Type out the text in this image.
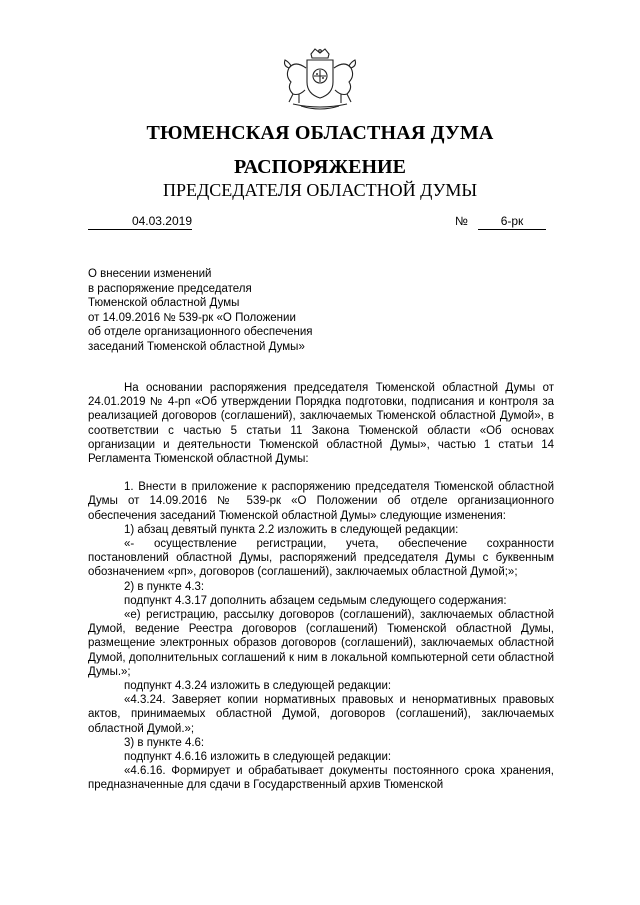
ТЮМЕНСКАЯ ОБЛАСТНАЯ ДУМА
РАСПОРЯЖЕНИЕ
ПРЕДСЕДАТЕЛЯ ОБЛАСТНОЙ ДУМЫ
04.03.2019	№	6-рк
О внесении изменений
в распоряжение председателя
Тюменской областной Думы
от 14.09.2016 № 539-рк «О Положении
об отделе организационного обеспечения
заседаний Тюменской областной Думы»

На основании распоряжения председателя Тюменской областной Думы от 24.01.2019 № 4-рп «Об утверждении Порядка подготовки, подписания и контроля за реализацией договоров (соглашений), заключаемых Тюменской областной Думой», в соответствии с частью 5 статьи 11 Закона Тюменской области «Об основах организации и деятельности Тюменской областной Думы», частью 1 статьи 14 Регламента Тюменской областной Думы:

1. Внести в приложение к распоряжению председателя Тюменской областной Думы от 14.09.2016 № 539-рк «О Положении об отделе организационного обеспечения заседаний Тюменской областной Думы» следующие изменения:

1) абзац девятый пункта 2.2 изложить в следующей редакции:

«- осуществление регистрации, учета, обеспечение сохранности постановлений областной Думы, распоряжений председателя Думы с буквенным обозначением «рп», договоров (соглашений), заключаемых областной Думой;»;

2) в пункте 4.3:

подпункт 4.3.17 дополнить абзацем седьмым следующего содержания:

«е) регистрацию, рассылку договоров (соглашений), заключаемых областной Думой, ведение Реестра договоров (соглашений) Тюменской областной Думы, размещение электронных образов договоров (соглашений), заключаемых областной Думой, дополнительных соглашений к ним в локальной компьютерной сети областной Думы.»;

подпункт 4.3.24 изложить в следующей редакции:

«4.3.24. Заверяет копии нормативных правовых и ненормативных правовых актов, принимаемых областной Думой, договоров (соглашений), заключаемых областной Думой.»;

3) в пункте 4.6:

подпункт 4.6.16 изложить в следующей редакции:

«4.6.16. Формирует и обрабатывает документы постоянного срока хранения, предназначенные для сдачи в Государственный архив Тюменской
